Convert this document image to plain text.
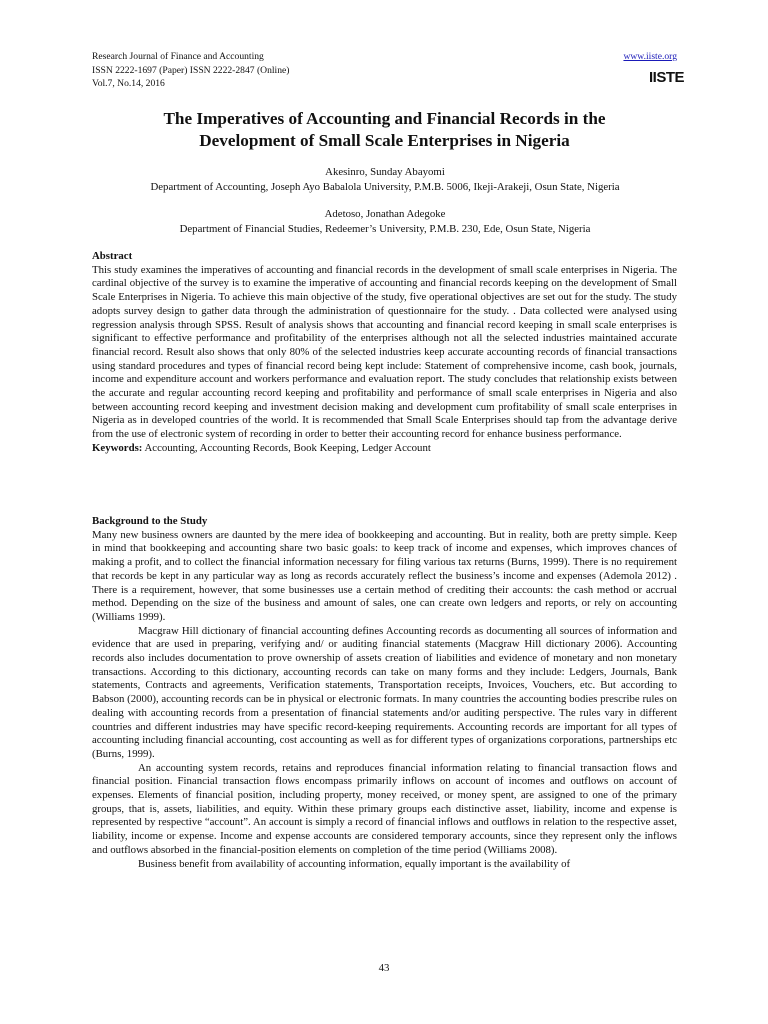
Research Journal of Finance and Accounting
ISSN 2222-1697 (Paper) ISSN 2222-2847 (Online)
Vol.7, No.14, 2016
www.iiste.org
IISTE
The Imperatives of Accounting and Financial Records in the
Development of Small Scale Enterprises in Nigeria
Akesinro, Sunday Abayomi
Department of Accounting, Joseph Ayo Babalola University, P.M.B. 5006, Ikeji-Arakeji, Osun State, Nigeria
Adetoso, Jonathan Adegoke
Department of Financial Studies, Redeemer’s University, P.M.B. 230, Ede, Osun State, Nigeria

Abstract

This study examines the imperatives of accounting and financial records in the development of small scale enterprises in Nigeria. The cardinal objective of the survey is to examine the imperative of accounting and financial records keeping on the development of Small Scale Enterprises in Nigeria. To achieve this main objective of the study, five operational objectives are set out for the study. The study adopts survey design to gather data through the administration of questionnaire for the study. . Data collected were analysed using regression analysis through SPSS. Result of analysis shows that accounting and financial record keeping in small scale enterprises is significant to effective performance and profitability of the enterprises although not all the selected industries maintained accurate financial record. Result also shows that only 80% of the selected industries keep accurate accounting records of financial transactions using standard procedures and types of financial record being kept include: Statement of comprehensive income, cash book, journals, income and expenditure account and workers performance and evaluation report. The study concludes that relationship exists between the accurate and regular accounting record keeping and profitability and performance of small scale enterprises in Nigeria and also between accounting record keeping and investment decision making and development cum profitability of small scale enterprises in Nigeria as in developed countries of the world. It is recommended that Small Scale Enterprises should tap from the advantage derive from the use of electronic system of recording in order to better their accounting record for enhance business performance.

Keywords: Accounting, Accounting Records, Book Keeping, Ledger Account

Background to the Study

Many new business owners are daunted by the mere idea of bookkeeping and accounting. But in reality, both are pretty simple. Keep in mind that bookkeeping and accounting share two basic goals: to keep track of income and expenses, which improves chances of making a profit, and to collect the financial information necessary for filing various tax returns (Burns, 1999). There is no requirement that records be kept in any particular way as long as records accurately reflect the business’s income and expenses (Ademola 2012) . There is a requirement, however, that some businesses use a certain method of crediting their accounts: the cash method or accrual method. Depending on the size of the business and amount of sales, one can create own ledgers and reports, or rely on accounting (Williams 1999).

Macgraw Hill dictionary of financial accounting defines Accounting records as documenting all sources of information and evidence that are used in preparing, verifying and/ or auditing financial statements (Macgraw Hill dictionary 2006). Accounting records also includes documentation to prove ownership of assets creation of liabilities and evidence of monetary and non monetary transactions. According to this dictionary, accounting records can take on many forms and they include: Ledgers, Journals, Bank statements, Contracts and agreements, Verification statements, Transportation receipts, Invoices, Vouchers, etc. But according to Babson (2000), accounting records can be in physical or electronic formats. In many countries the accounting bodies prescribe rules on dealing with accounting records from a presentation of financial statements and/or auditing perspective. The rules vary in different countries and different industries may have specific record-keeping requirements. Accounting records are important for all types of accounting including financial accounting, cost accounting as well as for different types of organizations corporations, partnerships etc (Burns, 1999).

An accounting system records, retains and reproduces financial information relating to financial transaction flows and financial position. Financial transaction flows encompass primarily inflows on account of incomes and outflows on account of expenses. Elements of financial position, including property, money received, or money spent, are assigned to one of the primary groups, that is, assets, liabilities, and equity. Within these primary groups each distinctive asset, liability, income and expense is represented by respective “account”. An account is simply a record of financial inflows and outflows in relation to the respective asset, liability, income or expense. Income and expense accounts are considered temporary accounts, since they represent only the inflows and outflows absorbed in the financial-position elements on completion of the time period (Williams 2008).

Business benefit from availability of accounting information, equally important is the availability of

43
